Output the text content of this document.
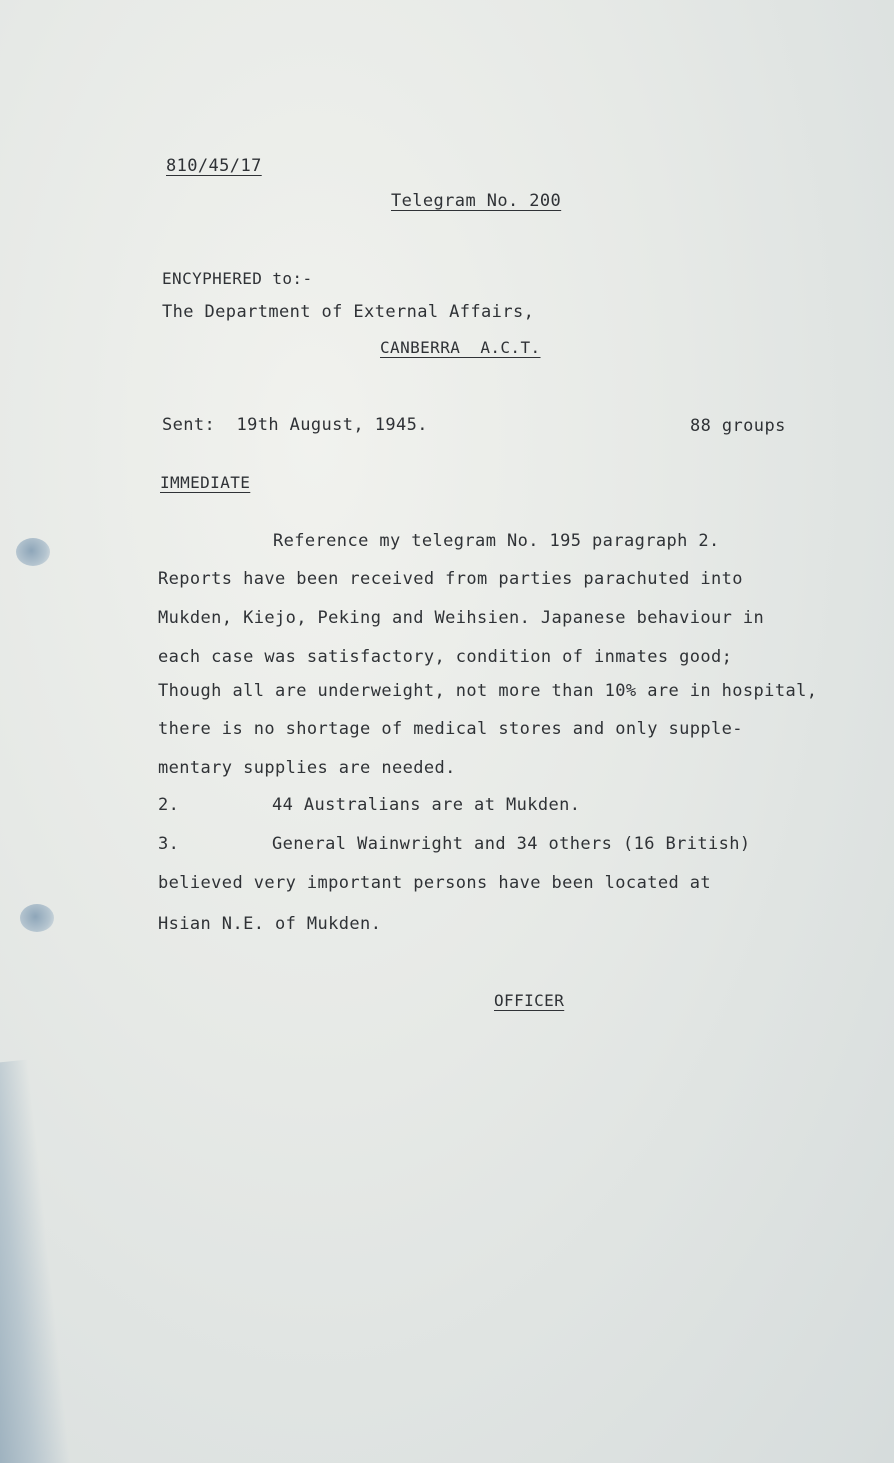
810/45/17
Telegram No. 200
ENCYPHERED to:-
The Department of External Affairs,
CANBERRA  A.C.T.
Sent:  19th August, 1945.	88 groups
IMMEDIATE
Reference my telegram No. 195 paragraph 2.
Reports have been received from parties parachuted into
Mukden, Kiejo, Peking and Weihsien. Japanese behaviour in
each case was satisfactory, condition of inmates good;
Though all are underweight, not more than 10% are in hospital,
there is no shortage of medical stores and only supple-
mentary supplies are needed.
2.	44 Australians are at Mukden.
3.	General Wainwright and 34 others (16 British)
believed very important persons have been located at
Hsian N.E. of Mukden.
OFFICER
